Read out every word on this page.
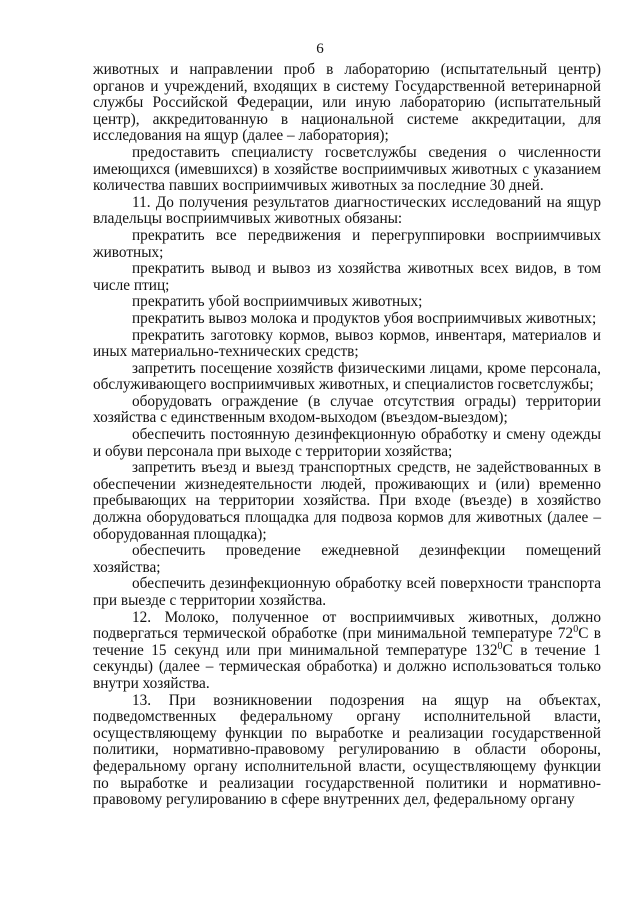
6

животных и направлении проб в лабораторию (испытательный центр) органов и учреждений, входящих в систему Государственной ветеринарной службы Российской Федерации, или иную лабораторию (испытательный центр), аккредитованную в национальной системе аккредитации, для исследования на ящур (далее – лаборатория);

предоставить специалисту госветслужбы сведения о численности имеющихся (имевшихся) в хозяйстве восприимчивых животных с указанием количества павших восприимчивых животных за последние 30 дней.

11. До получения результатов диагностических исследований на ящур владельцы восприимчивых животных обязаны:

прекратить все передвижения и перегруппировки восприимчивых животных;

прекратить вывод и вывоз из хозяйства животных всех видов, в том числе птиц;

прекратить убой восприимчивых животных;

прекратить вывоз молока и продуктов убоя восприимчивых животных;

прекратить заготовку кормов, вывоз кормов, инвентаря, материалов и иных материально-технических средств;

запретить посещение хозяйств физическими лицами, кроме персонала, обслуживающего восприимчивых животных, и специалистов госветслужбы;

оборудовать ограждение (в случае отсутствия ограды) территории хозяйства с единственным входом-выходом (въездом-выездом);

обеспечить постоянную дезинфекционную обработку и смену одежды и обуви персонала при выходе с территории хозяйства;

запретить въезд и выезд транспортных средств, не задействованных в обеспечении жизнедеятельности людей, проживающих и (или) временно пребывающих на территории хозяйства. При входе (въезде) в хозяйство должна оборудоваться площадка для подвоза кормов для животных (далее – оборудованная площадка);

обеспечить проведение ежедневной дезинфекции помещений хозяйства;

обеспечить дезинфекционную обработку всей поверхности транспорта при выезде с территории хозяйства.

12. Молоко, полученное от восприимчивых животных, должно подвергаться термической обработке (при минимальной температуре $72^0С$ в течение 15 секунд или при минимальной температуре $132^0С$ в течение 1 секунды) (далее – термическая обработка) и должно использоваться только внутри хозяйства.

13. При возникновении подозрения на ящур на объектах, подведомственных федеральному органу исполнительной власти, осуществляющему функции по выработке и реализации государственной политики, нормативно-правовому регулированию в области обороны, федеральному органу исполнительной власти, осуществляющему функции по выработке и реализации государственной политики и нормативно-правовому регулированию в сфере внутренних дел, федеральному органу
